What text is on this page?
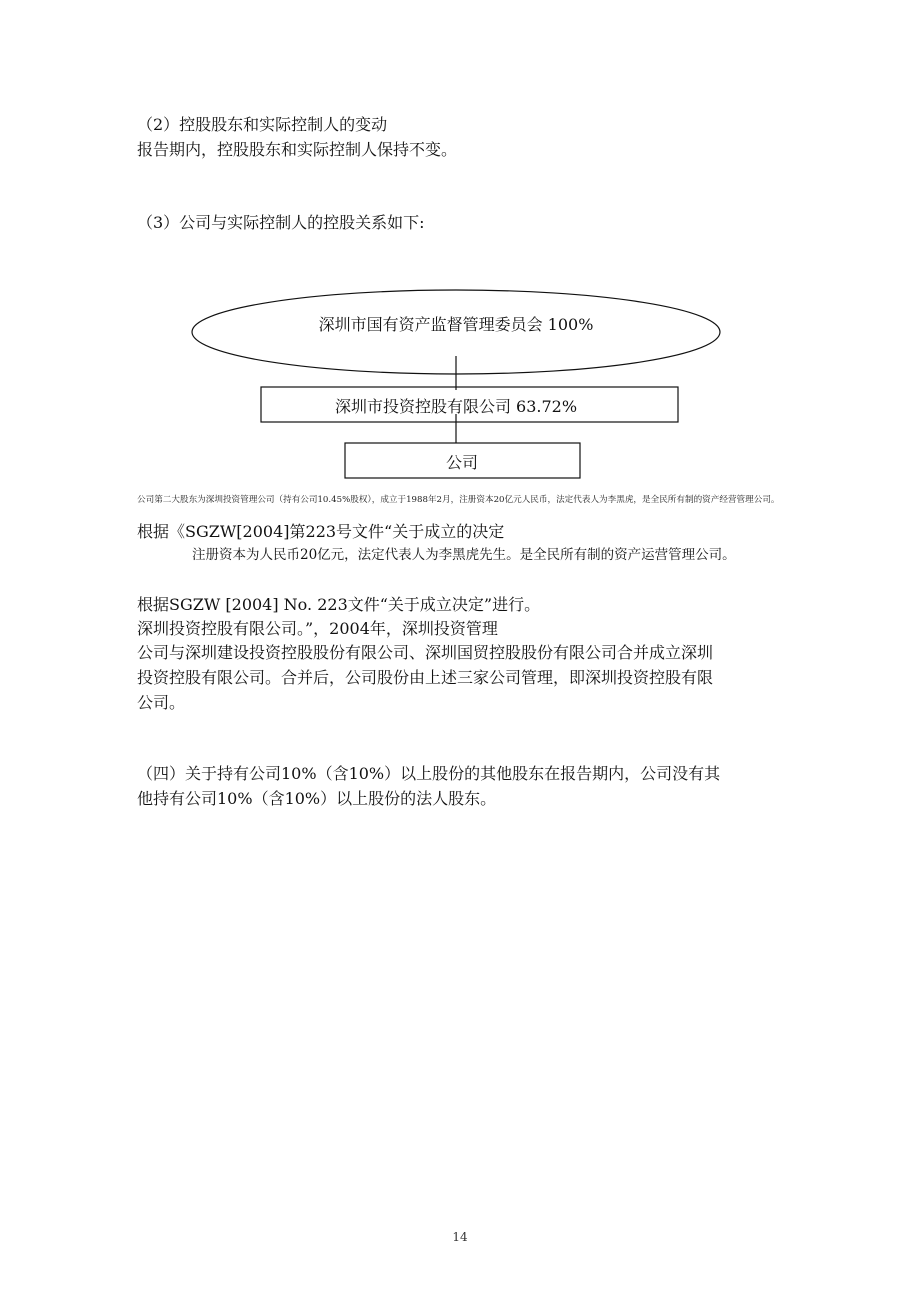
（2）控股股东和实际控制人的变动
报告期内，控股股东和实际控制人保持不变。
（3）公司与实际控制人的控股关系如下:
深圳市国有资产监督管理委员会 100%
深圳市投资控股有限公司 63.72%
公司
公司第二大股东为深圳投资管理公司（持有公司10.45%股权），成立于1988年2月，注册资本20亿元人民币，法定代表人为李黑虎，是全民所有制的资产经营管理公司。
根据《SGZW[2004]第223号文件“关于成立的决定
注册资本为人民币20亿元，法定代表人为李黑虎先生。是全民所有制的资产运营管理公司。
根据SGZW [2004] No. 223文件“关于成立决定”进行。
深圳投资控股有限公司。”，2004年，深圳投资管理
公司与深圳建设投资控股股份有限公司、深圳国贸控股股份有限公司合并成立深圳
投资控股有限公司。合并后，公司股份由上述三家公司管理，即深圳投资控股有限
公司。
（四）关于持有公司10%（含10%）以上股份的其他股东在报告期内，公司没有其
他持有公司10%（含10%）以上股份的法人股东。
14
